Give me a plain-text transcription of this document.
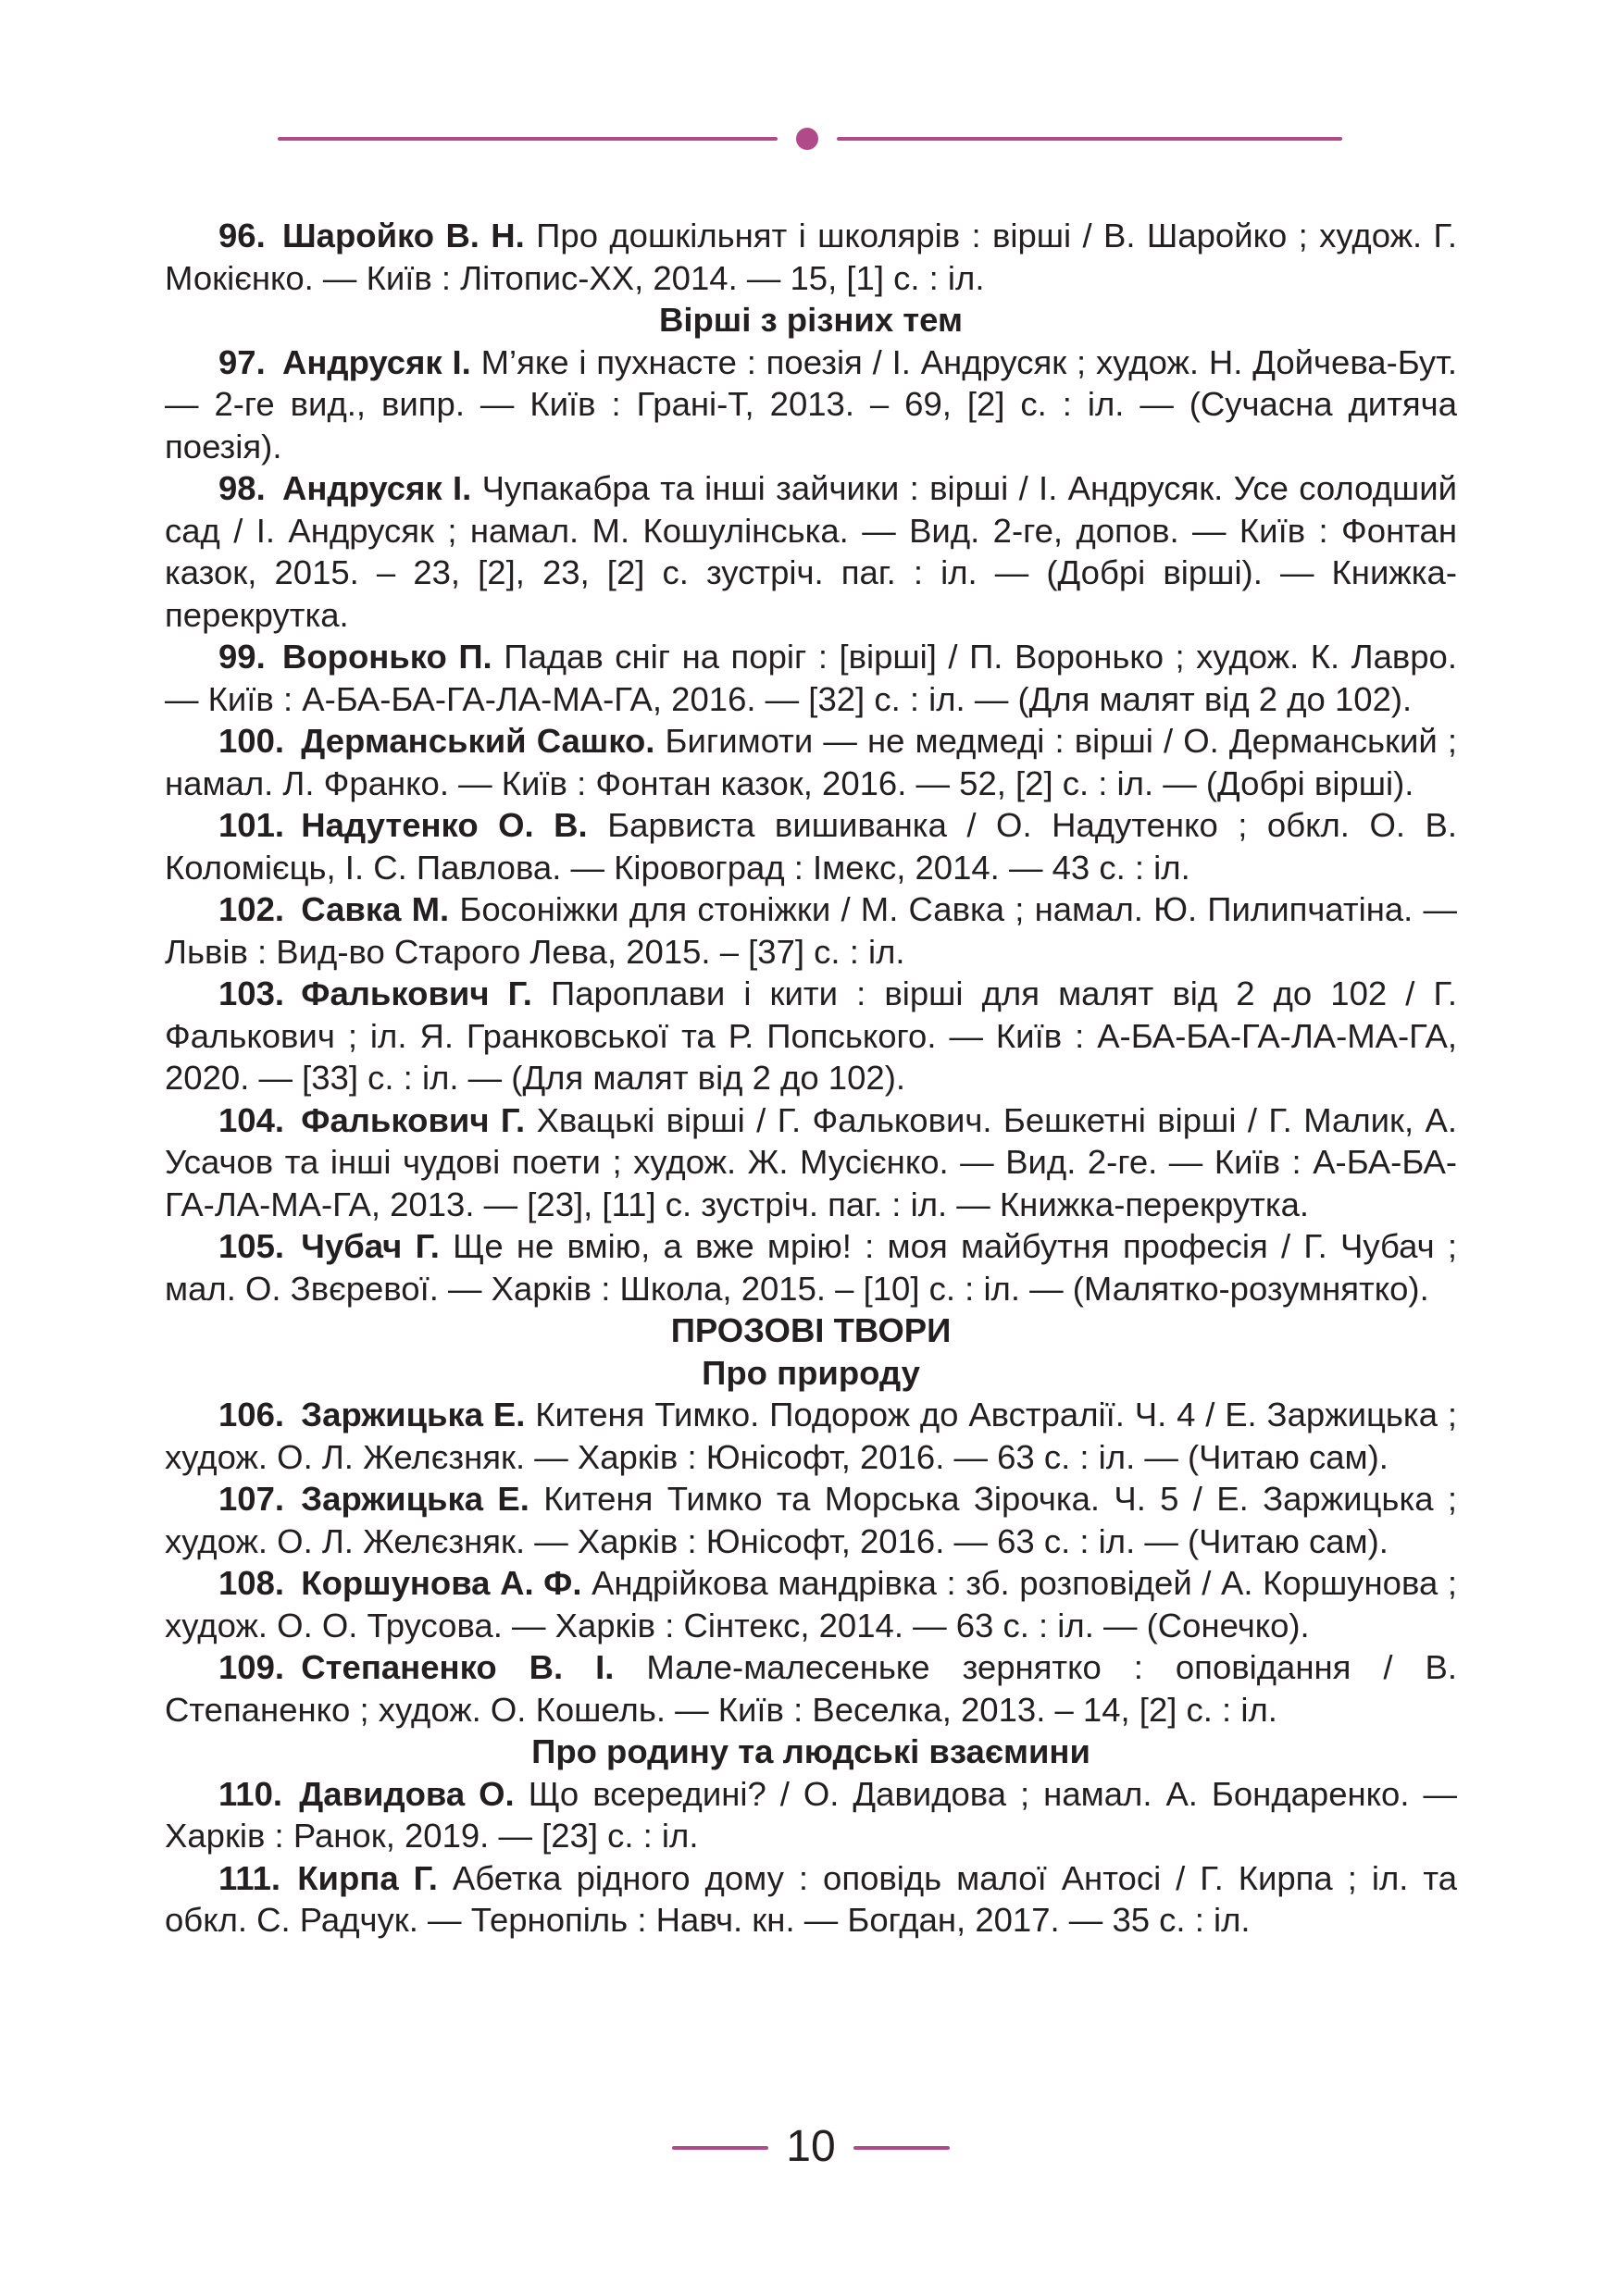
96.  Шаройко В. Н. Про дошкільнят і школярів : вірші / В. Шаройко ; худож. Г. Мокієнко. — Київ : Літопис-ХХ, 2014. — 15, [1] с. : іл.

Вірші з різних тем

97.  Андрусяк І. М’яке і пухнасте : поезія / І. Андрусяк ; худож. Н. Дойчева-Бут. — 2-ге вид., випр. — Київ : Грані-Т, 2013. – 69, [2] с. : іл. — (Сучасна дитяча поезія).

98.  Андрусяк І. Чупакабра та інші зайчики : вірші / І. Андрусяк. Усе солодший сад / І. Андрусяк ; намал. М. Кошулінська. — Вид. 2-ге, допов. — Київ : Фонтан казок, 2015. – 23, [2], 23, [2] с. зустріч. паг. : іл. — (Добрі вірші). — Книжка-перекрутка.

99.  Воронько П. Падав сніг на поріг : [вірші] / П. Воронько ; худож. К. Лавро. — Київ : А-БА-БА-ГА-ЛА-МА-ГА, 2016. — [32] с. : іл. — (Для малят від 2 до 102).

100.  Дерманський Сашко. Бигимоти — не медмеді : вірші / О. Дерманський ; намал. Л. Франко. — Київ : Фонтан казок, 2016. — 52, [2] с. : іл. — (Добрі вірші).

101.  Надутенко О. В. Барвиста вишиванка / О. Надутенко ; обкл. О. В. Коломієць, І. С. Павлова. — Кіровоград : Імекс, 2014. — 43 с. : іл.

102.  Савка М. Босоніжки для стоніжки / М. Савка ; намал. Ю. Пилипчатіна. — Львів : Вид-во Старого Лева, 2015. – [37] с. : іл.

103.  Фалькович Г. Пароплави і кити : вірші для малят від 2 до 102 / Г. Фалькович ; іл. Я. Гранковської та Р. Попського. — Київ : А-БА-БА-ГА-ЛА-МА-ГА, 2020. — [33] с. : іл. — (Для малят від 2 до 102).

104.  Фалькович Г. Хвацькі вірші / Г. Фалькович. Бешкетні вірші / Г. Малик, А. Усачов та інші чудові поети ; худож. Ж. Мусієнко. — Вид. 2-ге. — Київ : А-БА-БА-ГА-ЛА-МА-ГА, 2013. — [23], [11] с. зустріч. паг. : іл. — Книжка-перекрутка.

105.  Чубач Г. Ще не вмію, а вже мрію! : моя майбутня професія / Г. Чубач ; мал. О. Звєревої. — Харків : Школа, 2015. – [10] с. : іл. — (Малятко-розумнятко).

ПРОЗОВІ ТВОРИ

Про природу

106.  Заржицька Е. Китеня Тимко. Подорож до Австралії. Ч. 4 / Е. Заржицька ; худож. О. Л. Желєзняк. — Харків : Юнісофт, 2016. — 63 с. : іл. — (Читаю сам).

107.  Заржицька Е. Китеня Тимко та Морська Зірочка. Ч. 5 / Е. Заржицька ; худож. О. Л. Желєзняк. — Харків : Юнісофт, 2016. — 63 с. : іл. — (Читаю сам).

108.  Коршунова А. Ф. Андрійкова мандрівка : зб. розповідей / А. Коршунова ; худож. О. О. Трусова. — Харків : Сінтекс, 2014. — 63 с. : іл. — (Сонечко).

109.  Степаненко В. І. Мале-малесеньке зернятко : оповідання / В. Степаненко ; худож. О. Кошель. — Київ : Веселка, 2013. – 14, [2] с. : іл.

Про родину та людські взаємини

110.  Давидова О. Що всередині? / О. Давидова ; намал. А. Бондаренко. — Харків : Ранок, 2019. — [23] с. : іл.

111.  Кирпа Г. Абетка рідного дому : оповідь малої Антосі / Г. Кирпа ; іл. та обкл. С. Радчук. — Тернопіль : Навч. кн. — Богдан, 2017. — 35 с. : іл.

10
